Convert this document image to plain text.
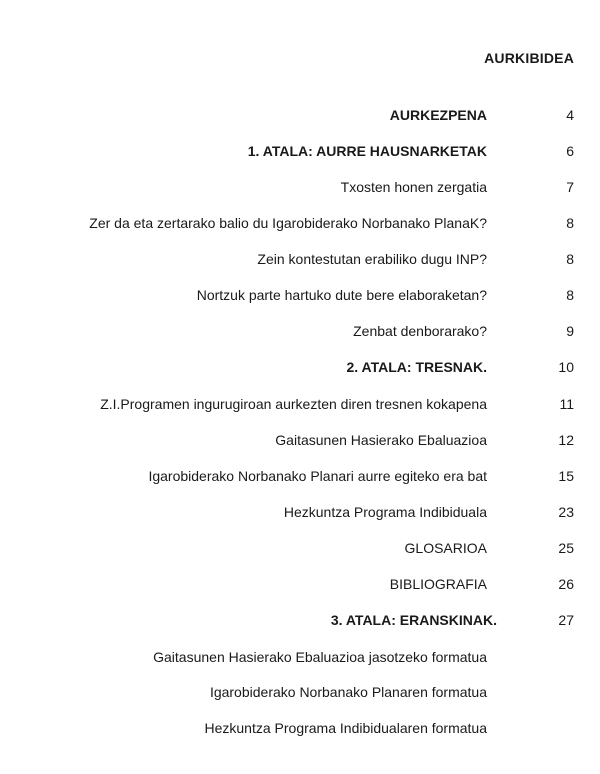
AURKIBIDEA
AURKEZPENA	4
1. ATALA: AURRE HAUSNARKETAK	6
Txosten honen zergatia	7
Zer da eta zertarako balio du Igarobiderako Norbanako PlanaK?	8
Zein kontestutan erabiliko dugu INP?	8
Nortzuk parte hartuko dute bere elaboraketan?	8
Zenbat denborarako?	9
2. ATALA: TRESNAK.	10
Z.I.Programen ingurugiroan aurkezten diren tresnen kokapena	11
Gaitasunen Hasierako Ebaluazioa	12
Igarobiderako Norbanako Planari aurre egiteko era bat	15
Hezkuntza Programa Indibiduala	23
GLOSARIOA	25
BIBLIOGRAFIA	26
3. ATALA: ERANSKINAK.	27
Gaitasunen Hasierako Ebaluazioa jasotzeko formatua
Igarobiderako Norbanako Planaren formatua
Hezkuntza Programa Indibidualaren formatua
